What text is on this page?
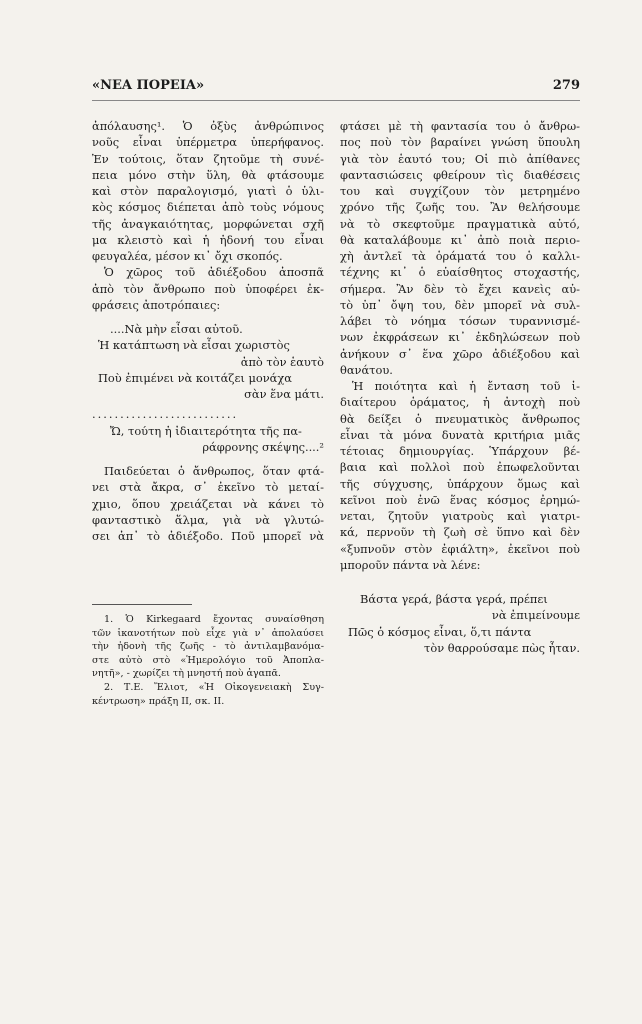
«ΝΕΑ ΠΟΡΕΙΑ»	279
ἀπόλαυσης¹. Ὁ ὀξὺς ἀνθρώπινος
νοῦς εἶναι ὑπέρμετρα ὑπερήφανος.
Ἐν τούτοις, ὅταν ζητοῦμε τὴ συνέ-
πεια μόνο στὴν ὕλη, θὰ φτάσουμε
καὶ στὸν παραλογισμό, γιατὶ ὁ ὑλι-
κὸς κόσμος διέπεται ἀπὸ τοὺς νόμους
τῆς ἀναγκαιότητας, μορφώνεται σχῆ
μα κλειστὸ καὶ ἡ ἡδονή του εἶναι
φευγαλέα, μέσον κι᾽ ὄχι σκοπός.
Ὁ χῶρος τοῦ ἀδιέξοδου ἀποσπᾶ
ἀπὸ τὸν ἄνθρωπο ποὺ ὑποφέρει ἐκ-
φράσεις ἀποτρόπαιες:
....Νὰ μὴν εἶσαι αὐτοῦ.
Ἡ κατάπτωση νὰ εἶσαι χωριστὸς
ἀπὸ τὸν ἑαυτὸ
Ποὺ ἐπιμένει νὰ κοιτάζει μονάχα
σὰν ἕνα μάτι.
..........................
Ὤ, τούτη ἡ ἰδιαιτερότητα τῆς πα-
ράφρονης σκέψης....²
Παιδεύεται ὁ ἄνθρωπος, ὅταν φτά-
νει στὰ ἄκρα, σ᾽ ἐκεῖνο τὸ μεταί-
χμιο, ὅπου χρειάζεται νὰ κάνει τὸ
φανταστικὸ ἅλμα, γιὰ νὰ γλυτώ-
σει ἀπ᾽ τὸ ἀδιέξοδο. Ποῦ μπορεῖ νὰ
1. Ὁ Kirkegaard ἔχοντας συναίσθηση
τῶν ἱκανοτήτων ποὺ εἶχε γιὰ ν᾽ ἀπολαύσει
τὴν ἡδονὴ τῆς ζωῆς - τὸ ἀντιλαμβανόμα-
στε αὐτὸ στὸ «Ἡμερολόγιο τοῦ Ἀποπλα-
νητῆ», - χωρίζει τὴ μνηστή ποὺ ἀγαπᾶ.
2. Τ.Ε. Ἔλιοτ, «Ἡ Οἰκογενειακὴ Συγ-
κέντρωση» πράξη ΙΙ, σκ. ΙΙ.
φτάσει μὲ τὴ φαντασία του ὁ ἄνθρω-
πος ποὺ τὸν βαραίνει γνώση ὕπουλη
γιὰ τὸν ἑαυτό του; Οἱ πιὸ ἀπίθανες
φαντασιώσεις φθείρουν τὶς διαθέσεις
του καὶ συγχίζουν τὸν μετρημένο
χρόνο τῆς ζωῆς του. Ἂν θελήσουμε
νὰ τὸ σκεφτοῦμε πραγματικὰ αὐτό,
θὰ καταλάβουμε κι᾽ ἀπὸ ποιὰ περιο-
χὴ ἀντλεῖ τὰ ὁράματά του ὁ καλλι-
τέχνης κι᾽ ὁ εὐαίσθητος στοχαστής,
σήμερα. Ἂν δὲν τὸ ἔχει κανεὶς αὐ-
τὸ ὑπ᾽ ὄψη του, δὲν μπορεῖ νὰ συλ-
λάβει τὸ νόημα τόσων τυραννισμέ-
νων ἐκφράσεων κι᾽ ἐκδηλώσεων ποὺ
ἀνήκουν σ᾽ ἕνα χῶρο ἀδιέξοδου καὶ
θανάτου.
Ἡ ποιότητα καὶ ἡ ἔνταση τοῦ ἰ-
διαίτερου ὁράματος, ἡ ἀντοχὴ ποὺ
θὰ δείξει ὁ πνευματικὸς ἄνθρωπος
εἶναι τὰ μόνα δυνατὰ κριτήρια μιᾶς
τέτοιας δημιουργίας. Ὑπάρχουν βέ-
βαια καὶ πολλοὶ ποὺ ἐπωφελοῦνται
τῆς σύγχυσης, ὑπάρχουν ὅμως καὶ
κεῖνοι ποὺ ἐνῶ ἕνας κόσμος ἐρημώ-
νεται, ζητοῦν γιατροὺς καὶ γιατρι-
κά, περνοῦν τὴ ζωὴ σὲ ὕπνο καὶ δὲν
«ξυπνοῦν στὸν ἐφιάλτη», ἐκεῖνοι ποὺ
μποροῦν πάντα νὰ λένε:
Βάστα γερά, βάστα γερά, πρέπει
νὰ ἐπιμείνουμε
Πῶς ὁ κόσμος εἶναι, ὅ,τι πάντα
τὸν θαρρούσαμε πὼς ἦταν.
